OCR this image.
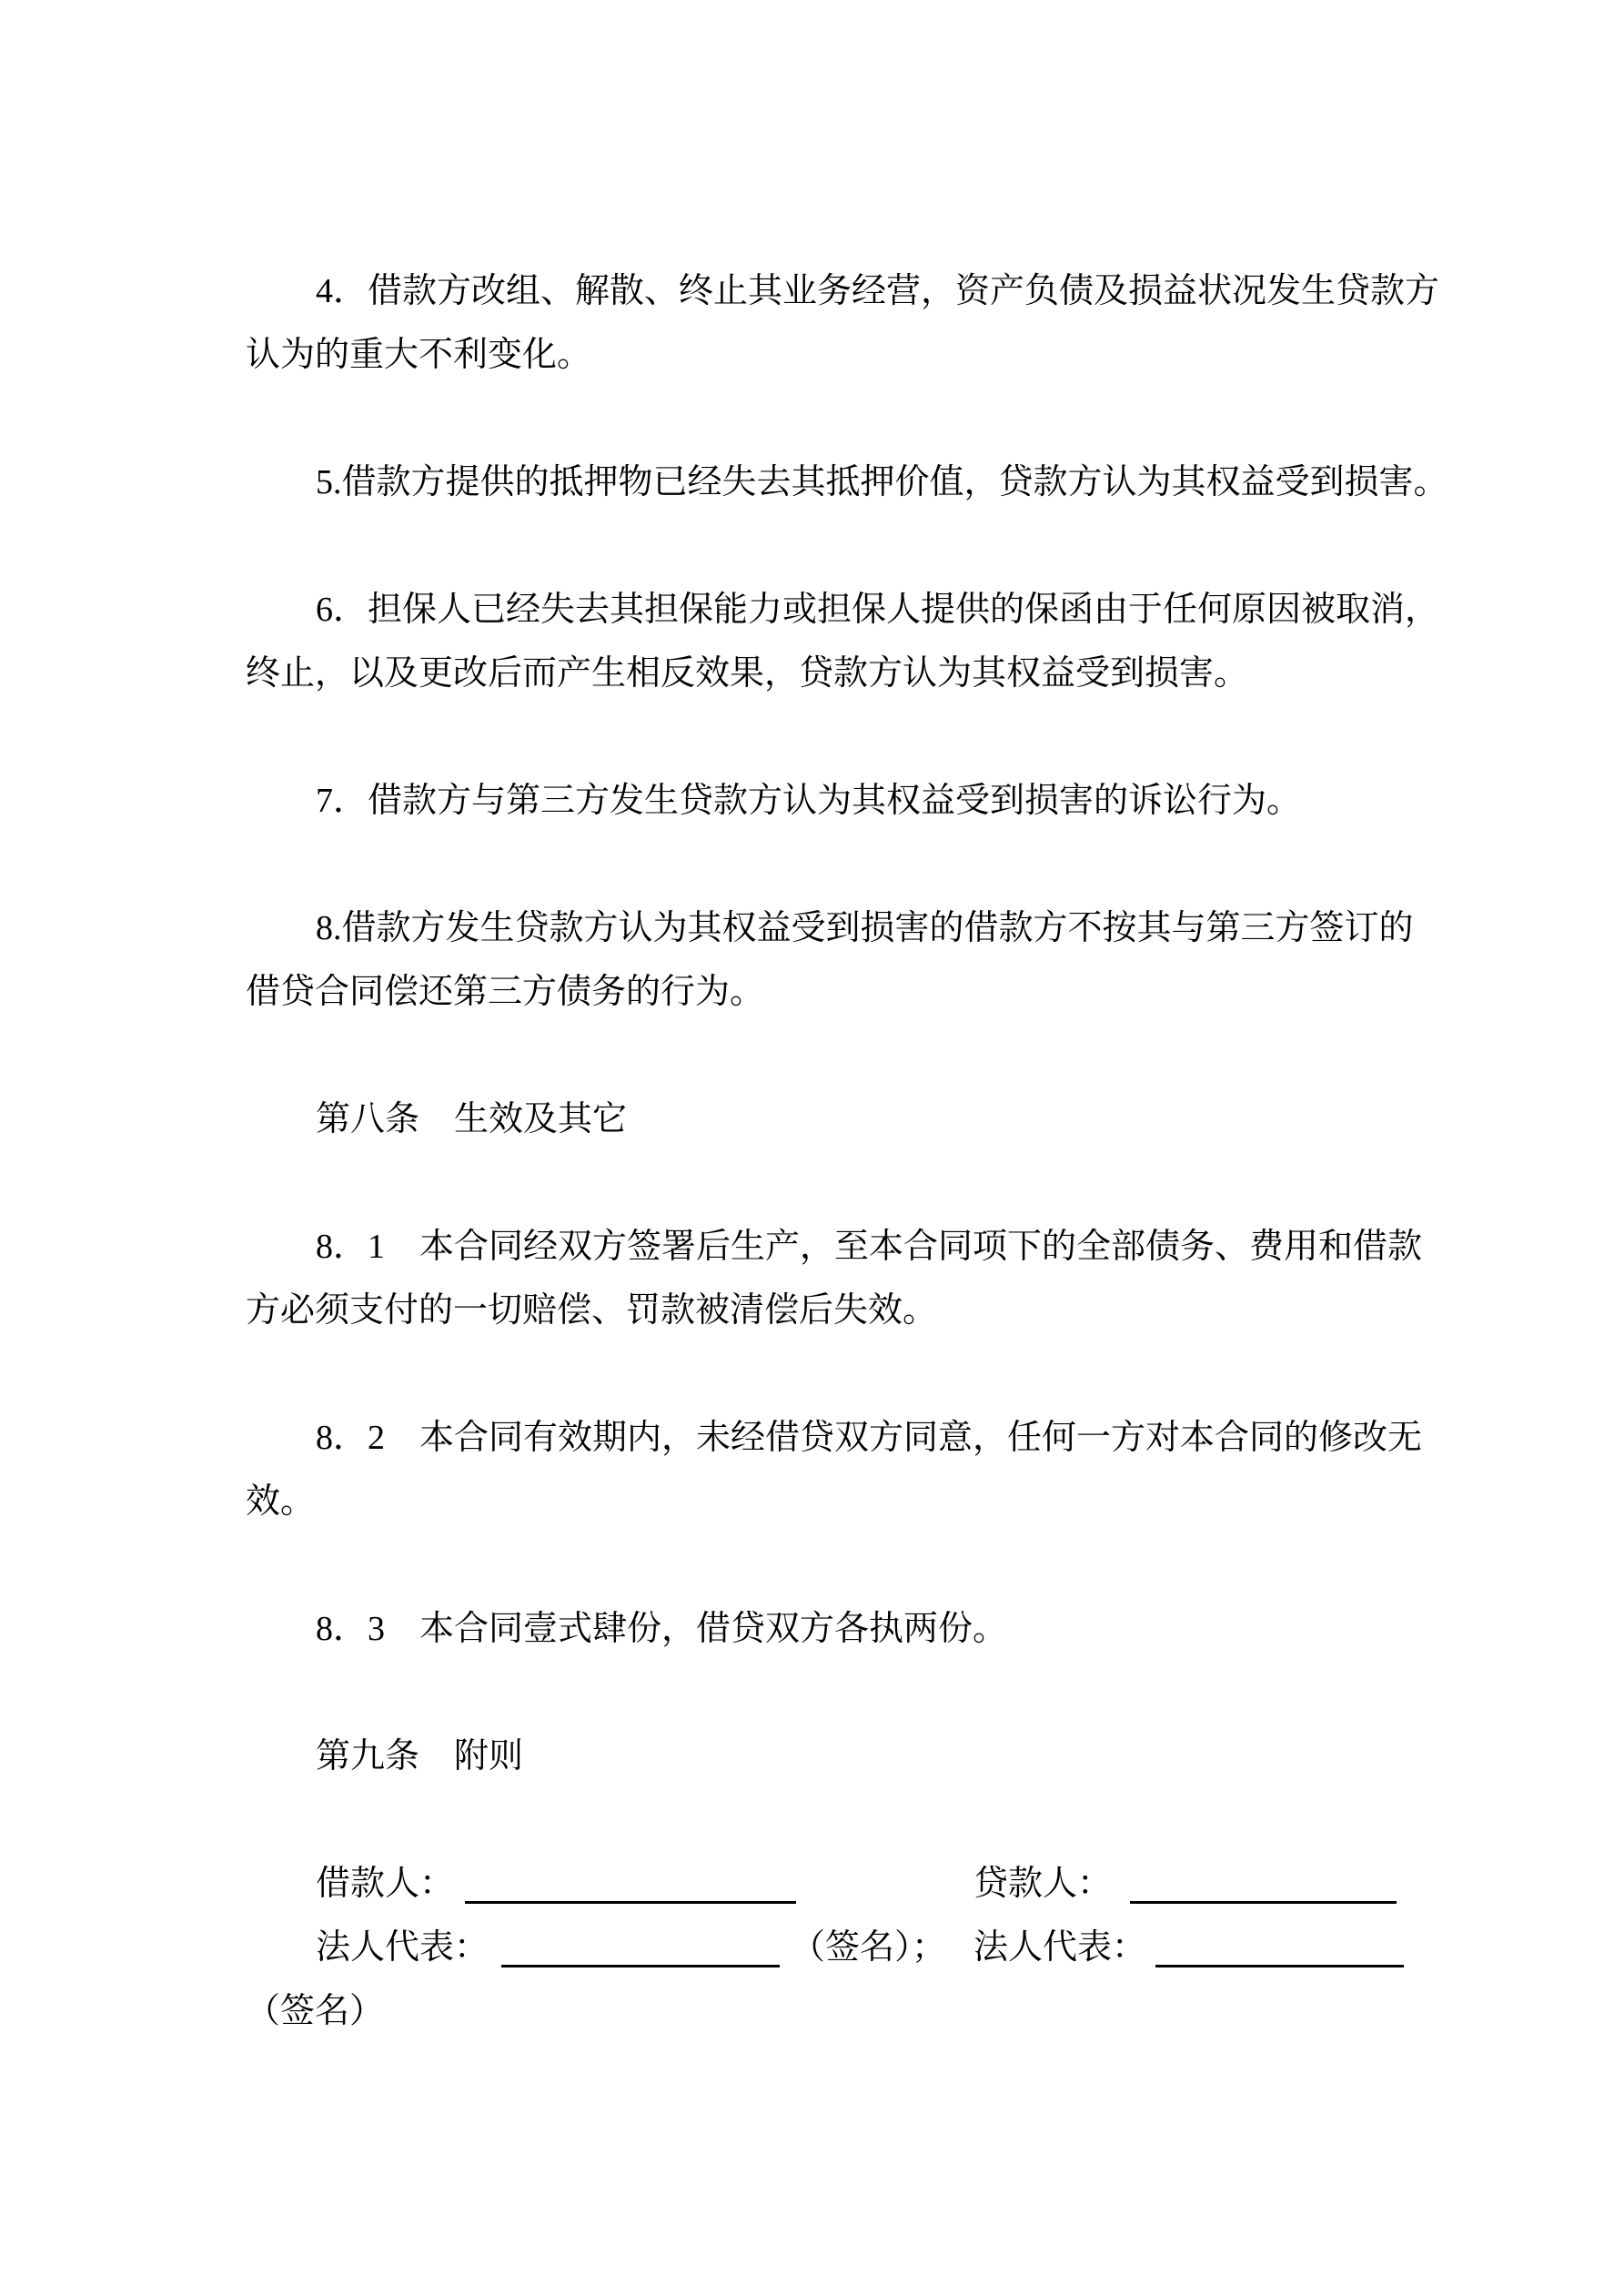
4．借款方改组、解散、终止其业务经营，资产负债及损益状况发生贷款方
认为的重大不利变化。
5.借款方提供的抵押物已经失去其抵押价值，贷款方认为其权益受到损害。
6．担保人已经失去其担保能力或担保人提供的保函由于任何原因被取消，
终止，以及更改后而产生相反效果，贷款方认为其权益受到损害。
7．借款方与第三方发生贷款方认为其权益受到损害的诉讼行为。
8.借款方发生贷款方认为其权益受到损害的借款方不按其与第三方签订的
借贷合同偿还第三方债务的行为。
第八条　生效及其它
8．1　本合同经双方签署后生产，至本合同项下的全部债务、费用和借款
方必须支付的一切赔偿、罚款被清偿后失效。
8．2　本合同有效期内，未经借贷双方同意，任何一方对本合同的修改无
效。
8．3　本合同壹式肆份，借贷双方各执两份。
第九条　附则
借款人：	贷款人：
法人代表：	（签名）； 法人代表：
（签名）
